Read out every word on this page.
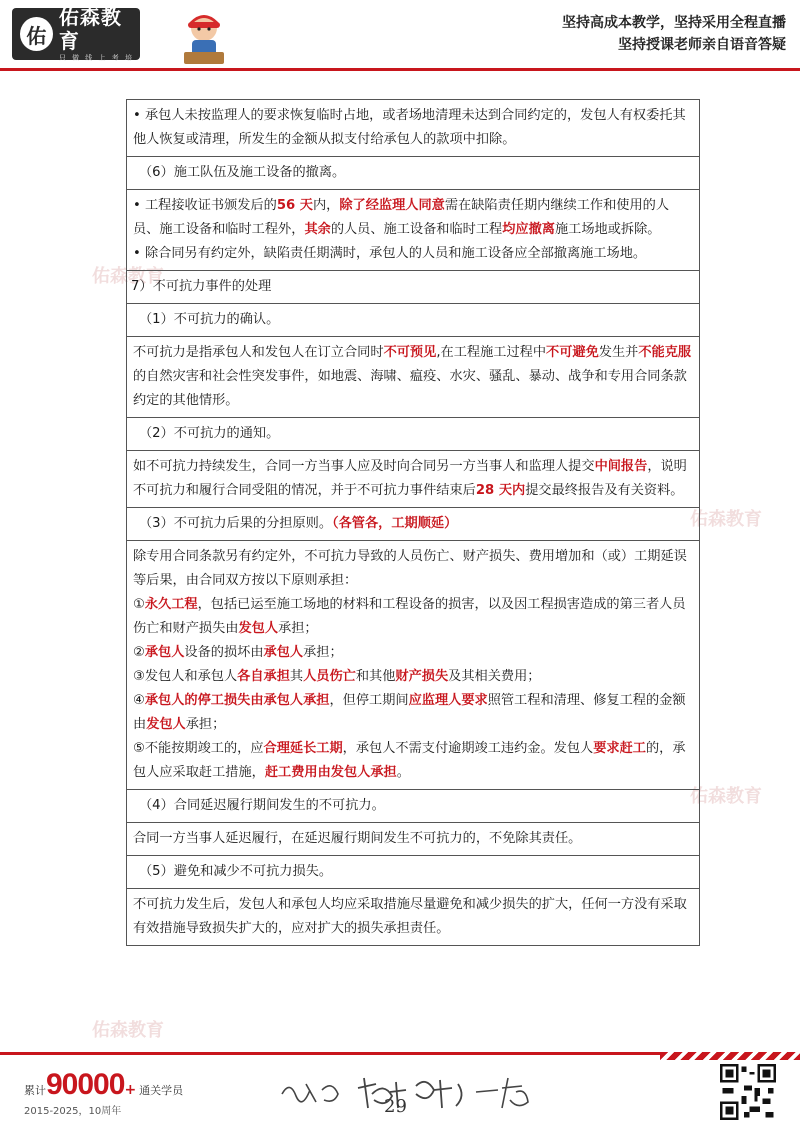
佑
佑森教育
只 做 线 上 考 培
坚持高成本教学，坚持采用全程直播
坚持授课老师亲自语音答疑
佑森教育
佑森教育
佑森教育
佑森教育
• 承包人未按监理人的要求恢复临时占地，或者场地清理未达到合同约定的，发包人有权委托其他人恢复或清理，所发生的金额从拟支付给承包人的款项中扣除。
（6）施工队伍及施工设备的撤离。
• 工程接收证书颁发后的56 天内，除了经监理人同意需在缺陷责任期内继续工作和使用的人员、施工设备和临时工程外，其余的人员、施工设备和临时工程均应撤离施工场地或拆除。
• 除合同另有约定外，缺陷责任期满时，承包人的人员和施工设备应全部撤离施工场地。
7）不可抗力事件的处理
（1）不可抗力的确认。
不可抗力是指承包人和发包人在订立合同时不可预见,在工程施工过程中不可避免发生并不能克服的自然灾害和社会性突发事件，如地震、海啸、瘟疫、水灾、骚乱、暴动、战争和专用合同条款约定的其他情形。
（2）不可抗力的通知。
如不可抗力持续发生，合同一方当事人应及时向合同另一方当事人和监理人提交中间报告，说明不可抗力和履行合同受阻的情况，并于不可抗力事件结束后28 天内提交最终报告及有关资料。
（3）不可抗力后果的分担原则。（各管各，工期顺延）
除专用合同条款另有约定外，不可抗力导致的人员伤亡、财产损失、费用增加和（或）工期延误等后果，由合同双方按以下原则承担：
①永久工程，包括已运至施工场地的材料和工程设备的损害，以及因工程损害造成的第三者人员伤亡和财产损失由发包人承担；
②承包人设备的损坏由承包人承担；
③发包人和承包人各自承担其人员伤亡和其他财产损失及其相关费用；
④承包人的停工损失由承包人承担，但停工期间应监理人要求照管工程和清理、修复工程的金额由发包人承担；
⑤不能按期竣工的，应合理延长工期，承包人不需支付逾期竣工违约金。发包人要求赶工的，承包人应采取赶工措施，赶工费用由发包人承担。
（4）合同延迟履行期间发生的不可抗力。
合同一方当事人延迟履行，在延迟履行期间发生不可抗力的，不免除其责任。
（5）避免和减少不可抗力损失。
不可抗力发生后，发包人和承包人均应采取措施尽量避免和减少损失的扩大，任何一方没有采取有效措施导致损失扩大的，应对扩大的损失承担责任。
累计 90000 + 通关学员
2015-2025，10周年	29
